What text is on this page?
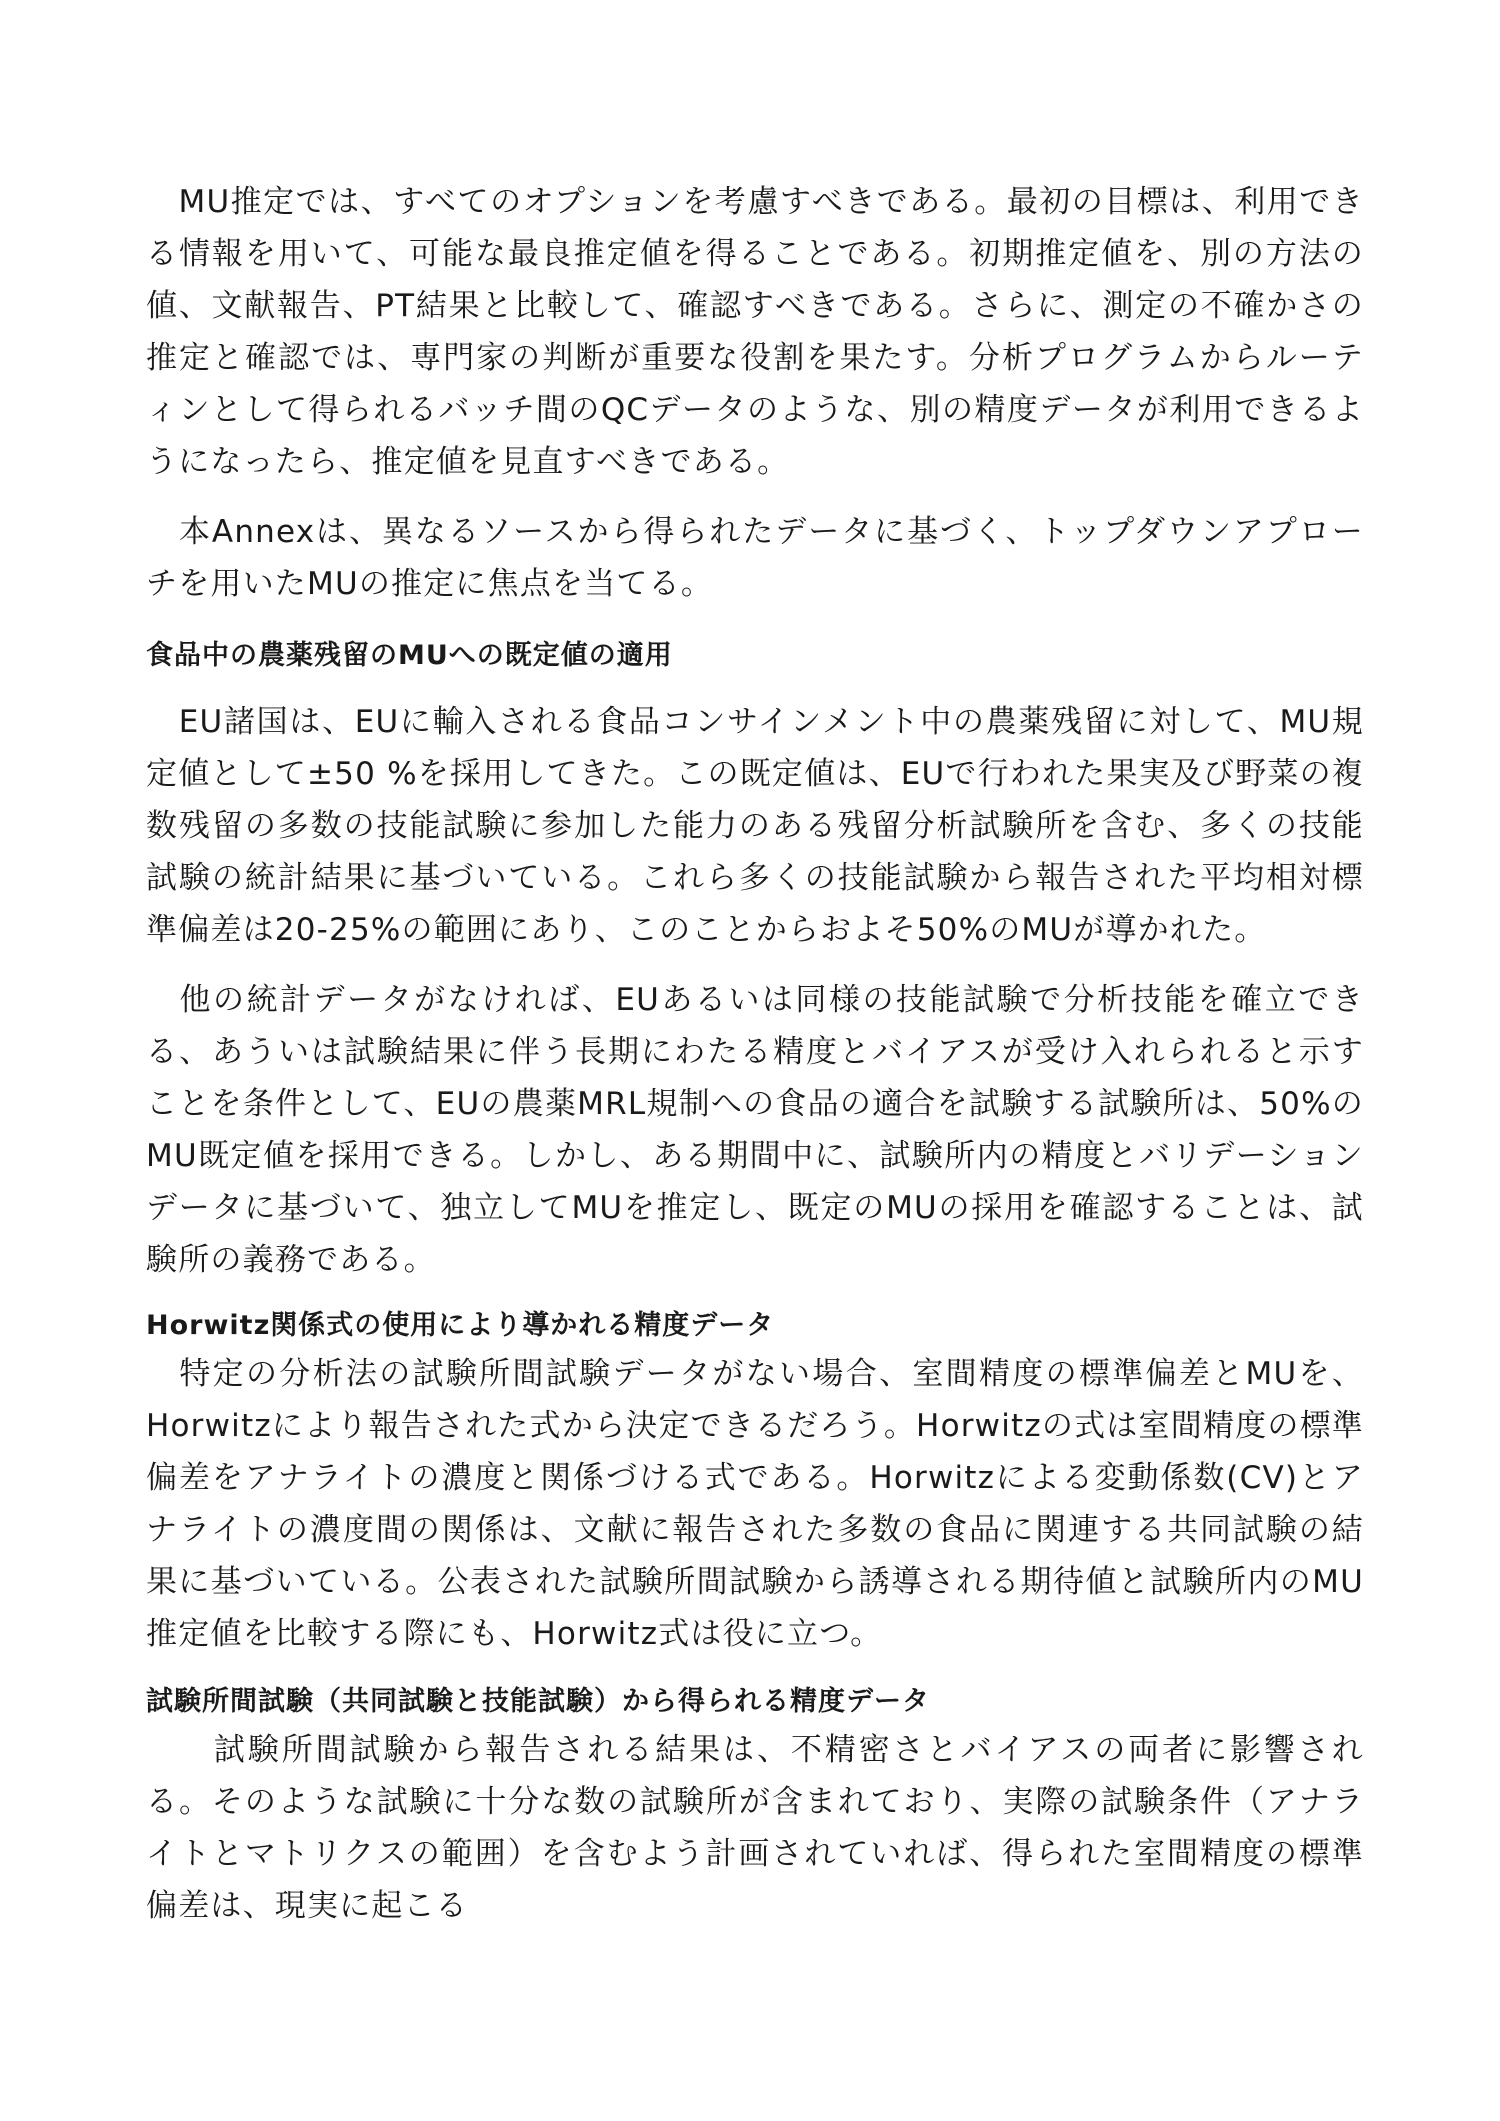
　MU推定では、すべてのオプションを考慮すべきである。最初の目標は、利用できる情報を用いて、可能な最良推定値を得ることである。初期推定値を、別の方法の値、文献報告、PT結果と比較して、確認すべきである。さらに、測定の不確かさの推定と確認では、専門家の判断が重要な役割を果たす。分析プログラムからルーティンとして得られるバッチ間のQCデータのような、別の精度データが利用できるようになったら、推定値を見直すべきである。

　本Annexは、異なるソースから得られたデータに基づく、トップダウンアプローチを用いたMUの推定に焦点を当てる。

食品中の農薬残留のMUへの既定値の適用

　EU諸国は、EUに輸入される食品コンサインメント中の農薬残留に対して、MU規定値として±50 %を採用してきた。この既定値は、EUで行われた果実及び野菜の複数残留の多数の技能試験に参加した能力のある残留分析試験所を含む、多くの技能試験の統計結果に基づいている。これら多くの技能試験から報告された平均相対標準偏差は20-25%の範囲にあり、このことからおよそ50%のMUが導かれた。

　他の統計データがなければ、EUあるいは同様の技能試験で分析技能を確立できる、あういは試験結果に伴う長期にわたる精度とバイアスが受け入れられると示すことを条件として、EUの農薬MRL規制への食品の適合を試験する試験所は、50%のMU既定値を採用できる。しかし、ある期間中に、試験所内の精度とバリデーションデータに基づいて、独立してMUを推定し、既定のMUの採用を確認することは、試験所の義務である。

Horwitz関係式の使用により導かれる精度データ

　特定の分析法の試験所間試験データがない場合、室間精度の標準偏差とMUを、Horwitzにより報告された式から決定できるだろう。Horwitzの式は室間精度の標準偏差をアナライトの濃度と関係づける式である。Horwitzによる変動係数(CV)とアナライトの濃度間の関係は、文献に報告された多数の食品に関連する共同試験の結果に基づいている。公表された試験所間試験から誘導される期待値と試験所内のMU推定値を比較する際にも、Horwitz式は役に立つ。

試験所間試験（共同試験と技能試験）から得られる精度データ

　　試験所間試験から報告される結果は、不精密さとバイアスの両者に影響される。そのような試験に十分な数の試験所が含まれており、実際の試験条件（アナライトとマトリクスの範囲）を含むよう計画されていれば、得られた室間精度の標準偏差は、現実に起こる
